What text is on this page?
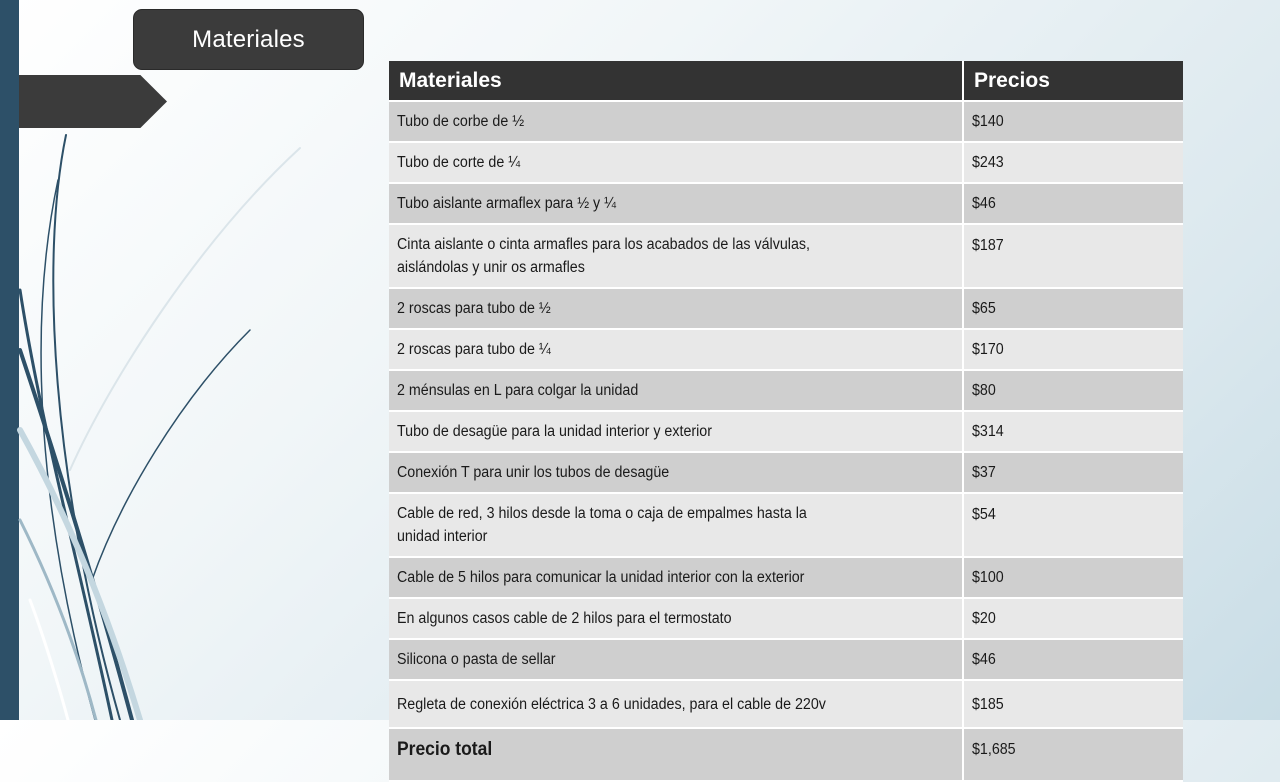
Materiales
Materiales	Precios
Tubo de corbe de ½	$140
Tubo de corte de ¼	$243
Tubo aislante armaflex para ½ y ¼	$46
Cinta aislante o cinta armafles para los acabados de las válvulas,
aislándolas y unir os armafles	$187
2 roscas para tubo de ½	$65
2 roscas para tubo de ¼	$170
2 ménsulas en L para colgar la unidad	$80
Tubo de desagüe para la unidad interior y exterior	$314
Conexión T para unir los tubos de desagüe	$37
Cable de red, 3 hilos desde la toma o caja de empalmes hasta la
unidad interior	$54
Cable de 5 hilos para comunicar la unidad interior con la exterior	$100
En algunos casos cable de 2 hilos para el termostato	$20
Silicona o pasta de sellar	$46
Regleta de conexión eléctrica 3 a 6 unidades, para el cable de 220v	$185
Precio total	$1,685
